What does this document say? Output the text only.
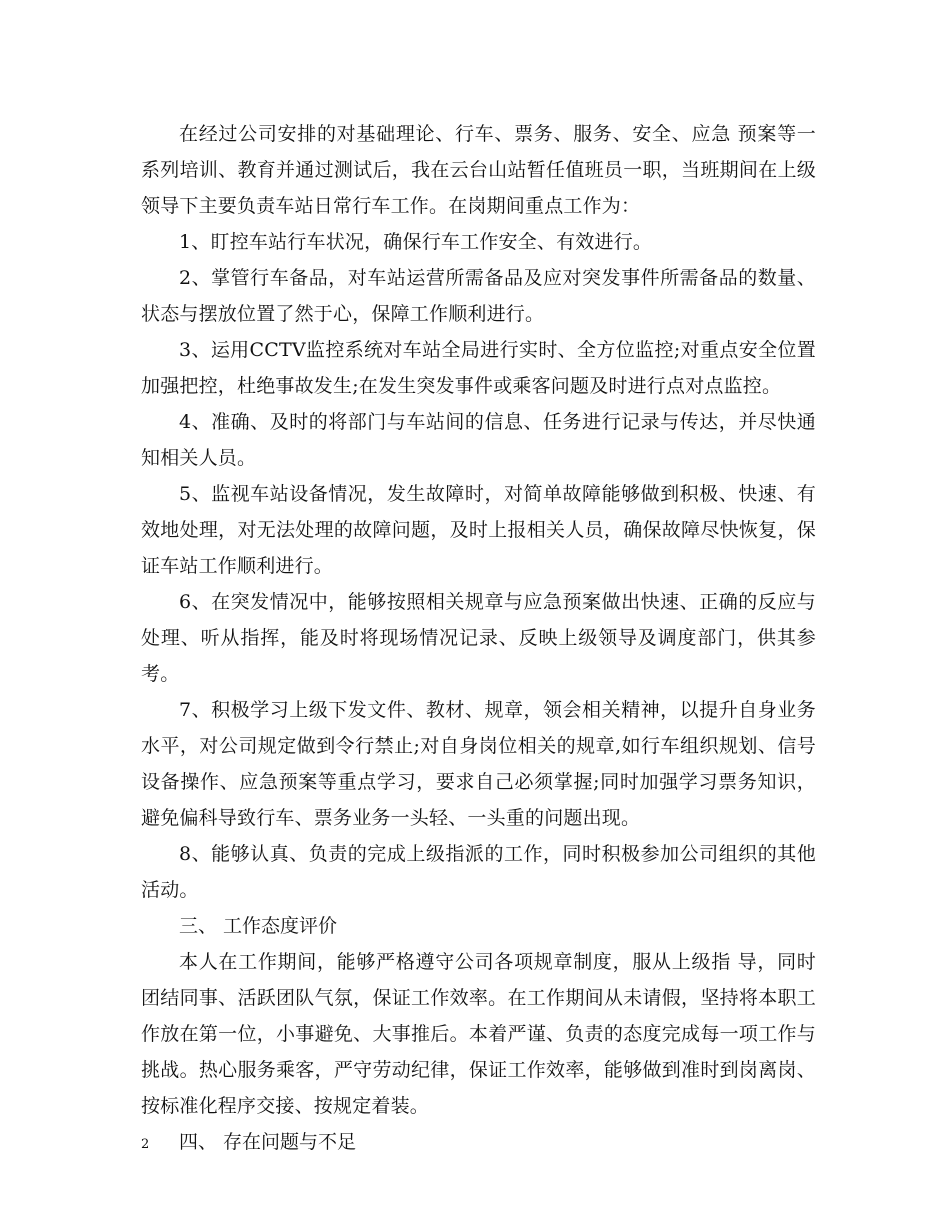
在经过公司安排的对基础理论、行车、票务、服务、安全、应急 预案等一系列培训、教育并通过测试后，我在云台山站暂任值班员一职，当班期间在上级领导下主要负责车站日常行车工作。在岗期间重点工作为：

1、盯控车站行车状况，确保行车工作安全、有效进行。

2、掌管行车备品，对车站运营所需备品及应对突发事件所需备品的数量、状态与摆放位置了然于心，保障工作顺利进行。

3、运用CCTV监控系统对车站全局进行实时、全方位监控;对重点安全位置加强把控，杜绝事故发生;在发生突发事件或乘客问题及时进行点对点监控。

4、准确、及时的将部门与车站间的信息、任务进行记录与传达，并尽快通知相关人员。

5、监视车站设备情况，发生故障时，对简单故障能够做到积极、快速、有效地处理，对无法处理的故障问题，及时上报相关人员，确保故障尽快恢复，保证车站工作顺利进行。

6、在突发情况中，能够按照相关规章与应急预案做出快速、正确的反应与处理、听从指挥，能及时将现场情况记录、反映上级领导及调度部门，供其参考。

7、积极学习上级下发文件、教材、规章，领会相关精神，以提升自身业务水平，对公司规定做到令行禁止;对自身岗位相关的规章,如行车组织规划、信号设备操作、应急预案等重点学习，要求自己必须掌握;同时加强学习票务知识，避免偏科导致行车、票务业务一头轻、一头重的问题出现。

8、能够认真、负责的完成上级指派的工作，同时积极参加公司组织的其他活动。

三、 工作态度评价

本人在工作期间，能够严格遵守公司各项规章制度，服从上级指 导，同时团结同事、活跃团队气氛，保证工作效率。在工作期间从未请假，坚持将本职工作放在第一位，小事避免、大事推后。本着严谨、负责的态度完成每一项工作与挑战。热心服务乘客，严守劳动纪律，保证工作效率，能够做到准时到岗离岗、按标准化程序交接、按规定着装。

四、 存在问题与不足

2
